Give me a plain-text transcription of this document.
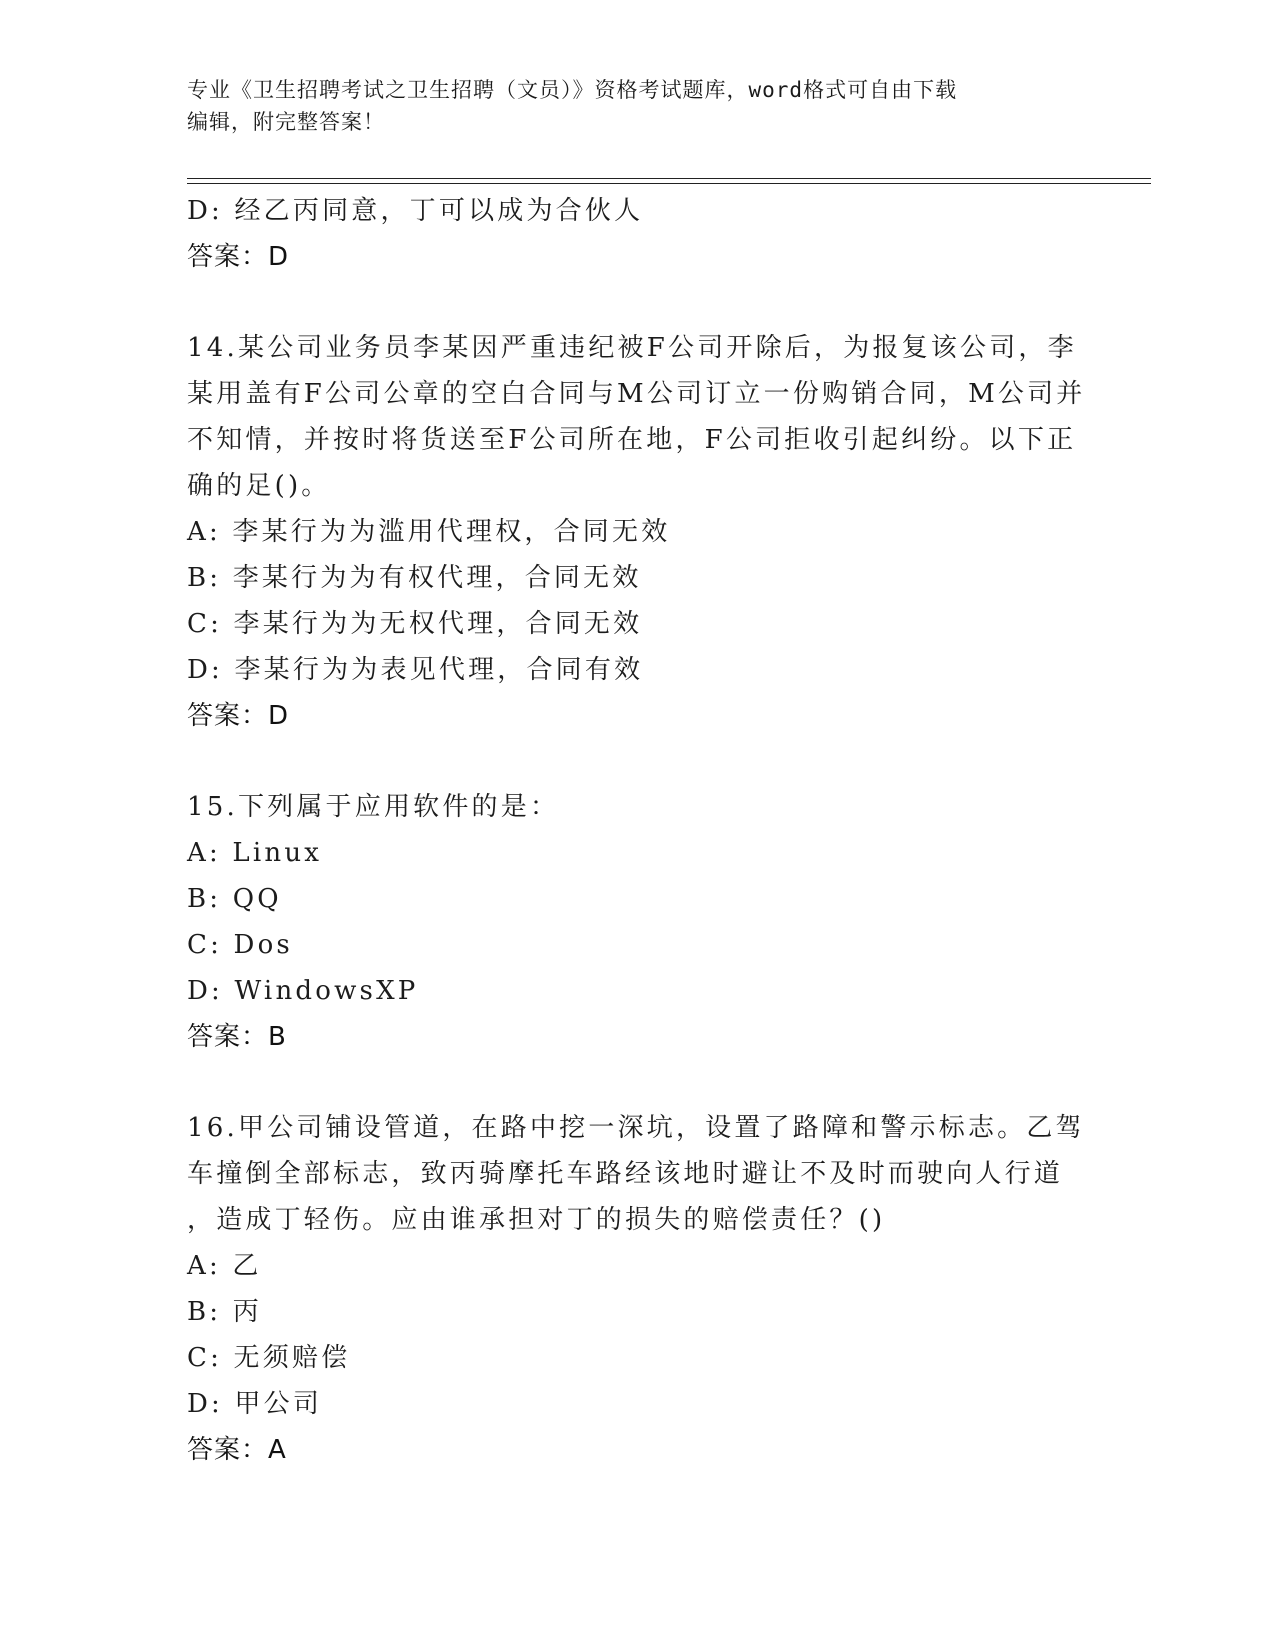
专业《卫生招聘考试之卫生招聘（文员）》资格考试题库，word格式可自由下载
编辑，附完整答案！
D: 经乙丙同意，丁可以成为合伙人
答案：D
14.某公司业务员李某因严重违纪被F公司开除后，为报复该公司，李
某用盖有F公司公章的空白合同与M公司订立一份购销合同，M公司并
不知情，并按时将货送至F公司所在地，F公司拒收引起纠纷。以下正
确的足()。
A: 李某行为为滥用代理权，合同无效
B: 李某行为为有权代理，合同无效
C: 李某行为为无权代理，合同无效
D: 李某行为为表见代理，合同有效
答案：D
15.下列属于应用软件的是：
A: Linux
B: QQ
C: Dos
D: WindowsXP
答案：B
16.甲公司铺设管道，在路中挖一深坑，设置了路障和警示标志。乙驾
车撞倒全部标志，致丙骑摩托车路经该地时避让不及时而驶向人行道
，造成丁轻伤。应由谁承担对丁的损失的赔偿责任？()
A: 乙
B: 丙
C: 无须赔偿
D: 甲公司
答案：A
